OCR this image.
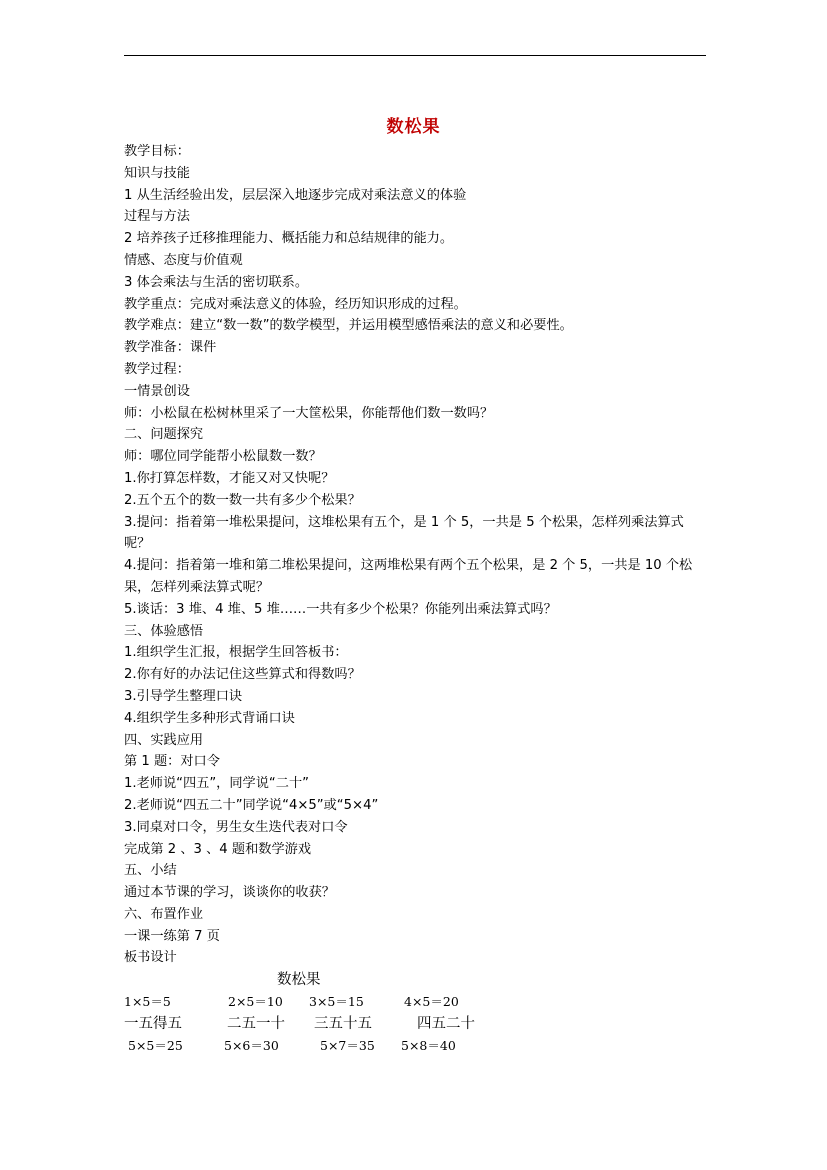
数松果
教学目标：
知识与技能
1 从生活经验出发，层层深入地逐步完成对乘法意义的体验
过程与方法
2 培养孩子迁移推理能力、概括能力和总结规律的能力。
情感、态度与价值观
3 体会乘法与生活的密切联系。
教学重点：完成对乘法意义的体验，经历知识形成的过程。
教学难点：建立“数一数”的数学模型，并运用模型感悟乘法的意义和必要性。
教学准备：课件
教学过程：
一情景创设
师：小松鼠在松树林里采了一大筐松果，你能帮他们数一数吗？
二、问题探究
师：哪位同学能帮小松鼠数一数？
1.你打算怎样数，才能又对又快呢？
2.五个五个的数一数一共有多少个松果？
3.提问：指着第一堆松果提问，这堆松果有五个，是 1 个 5，一共是 5 个松果，怎样列乘法算式呢？
4.提问：指着第一堆和第二堆松果提问，这两堆松果有两个五个松果，是 2 个 5，一共是 10 个松果，怎样列乘法算式呢？
5.谈话：3 堆、4 堆、5 堆……一共有多少个松果？你能列出乘法算式吗？
三、体验感悟
1.组织学生汇报，根据学生回答板书：
2.你有好的办法记住这些算式和得数吗？
3.引导学生整理口诀
4.组织学生多种形式背诵口诀
四、实践应用
第 1 题：对口令
1.老师说“四五”，同学说“二十”
2.老师说“四五二十”同学说“4×5”或“5×4”
3.同桌对口令，男生女生迭代表对口令
完成第 2 、3 、4 题和数学游戏
五、小结
通过本节课的学习，谈谈你的收获？
六、布置作业
一课一练第 7 页
板书设计
数松果
1×5＝5	2×5＝10 3×5＝15	4×5＝20
一五得五	二五一十 三五十五	四五二十
5×5＝25	5×6＝30	5×7＝35 5×8＝40
